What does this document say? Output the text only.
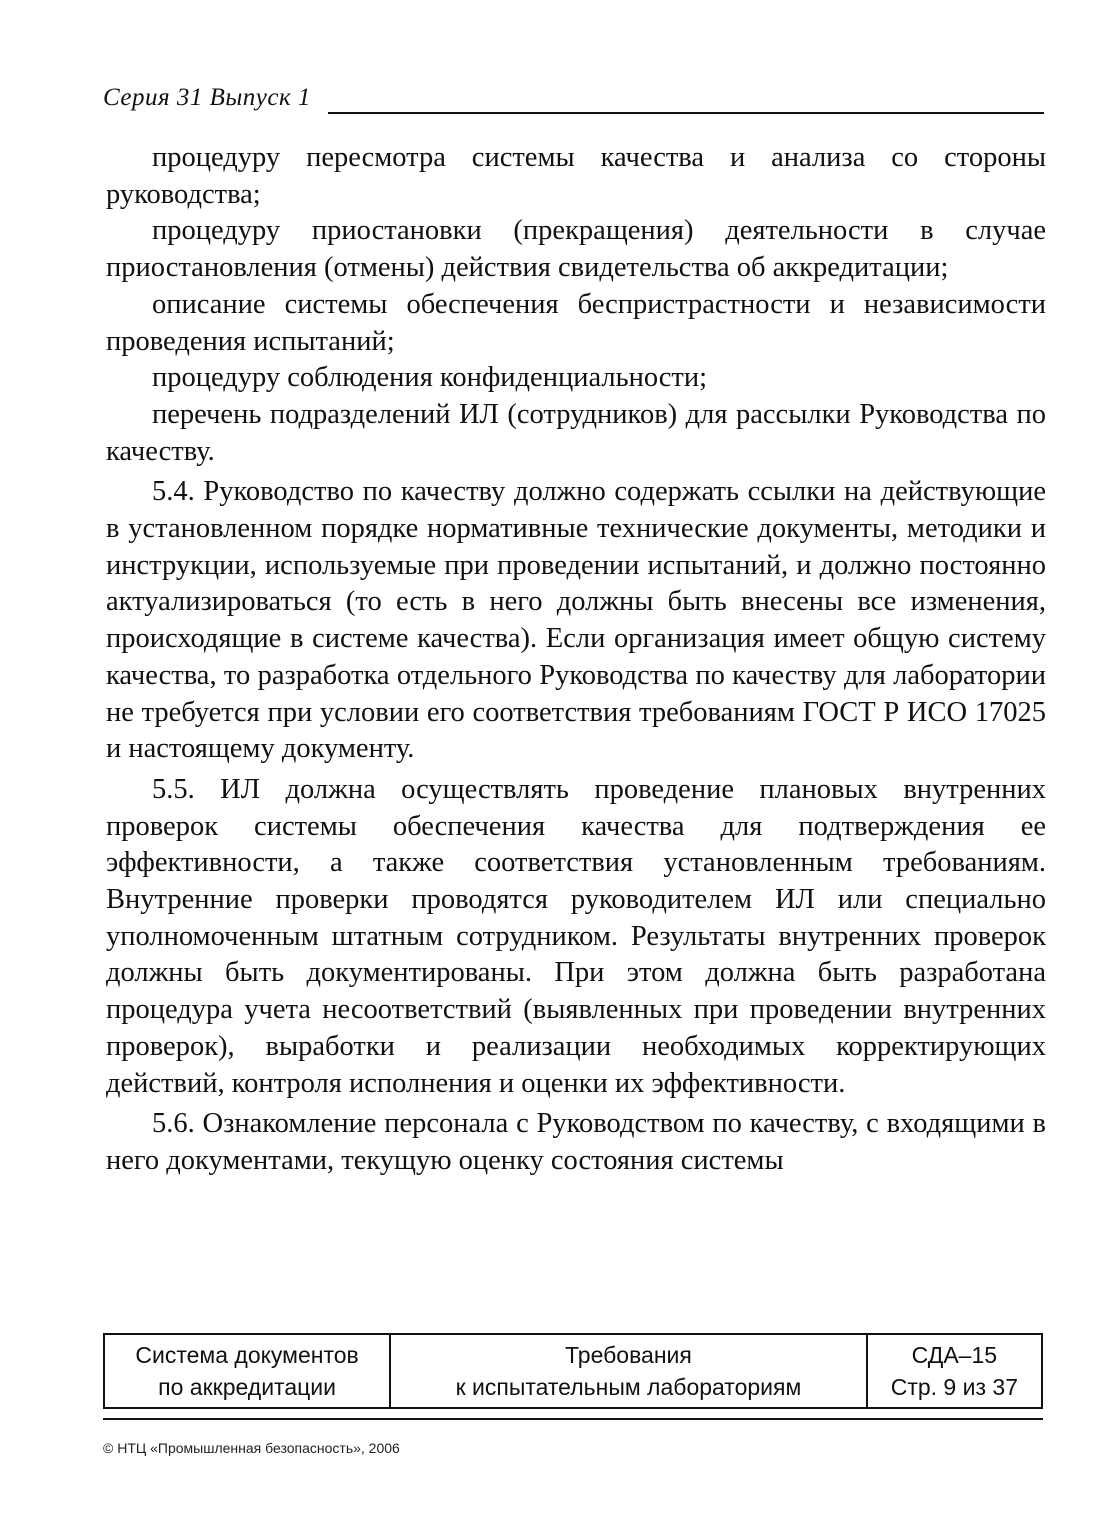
Серия 31 Выпуск 1

процедуру пересмотра системы качества и анализа со стороны руководства;

процедуру приостановки (прекращения) деятельности в случае приостановления (отмены) действия свидетельства об аккредитации;

описание системы обеспечения беспристрастности и независимости проведения испытаний;

процедуру соблюдения конфиденциальности;

перечень подразделений ИЛ (сотрудников) для рассылки Руководства по качеству.

5.4. Руководство по качеству должно содержать ссылки на действующие в установленном порядке нормативные технические документы, методики и инструкции, используемые при проведении испытаний, и должно постоянно актуализироваться (то есть в него должны быть внесены все изменения, происходящие в системе качества). Если организация имеет общую систему качества, то разработка отдельного Руководства по качеству для лаборатории не требуется при условии его соответствия требованиям ГОСТ Р ИСО 17025 и настоящему документу.

5.5. ИЛ должна осуществлять проведение плановых внутренних проверок системы обеспечения качества для подтверждения ее эффективности, а также соответствия установленным требованиям. Внутренние проверки проводятся руководителем ИЛ или специально уполномоченным штатным сотрудником. Результаты внутренних проверок должны быть документированы. При этом должна быть разработана процедура учета несоответствий (выявленных при проведении внутренних проверок), выработки и реализации необходимых корректирующих действий, контроля исполнения и оценки их эффективности.

5.6. Ознакомление персонала с Руководством по качеству, с входящими в него документами, текущую оценку состояния системы

Система документов
по аккредитации

Требования
к испытательным лабораториям

СДА–15
Стр. 9 из 37
© НТЦ «Промышленная безопасность», 2006
